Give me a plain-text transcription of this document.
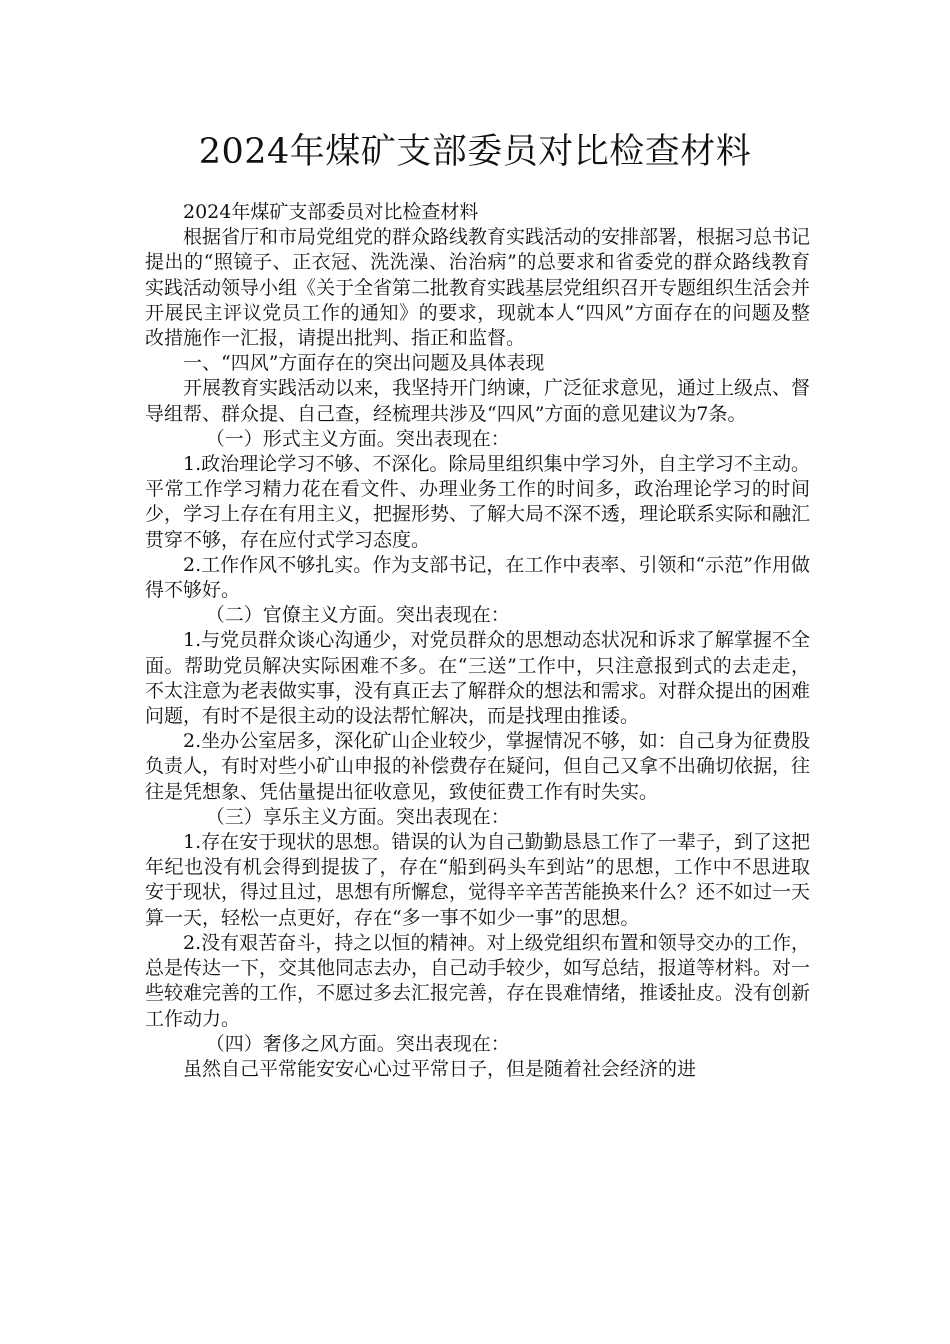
2024年煤矿支部委员对比检查材料

2024年煤矿支部委员对比检查材料

根据省厅和市局党组党的群众路线教育实践活动的安排部署，根据习总书记提出的“照镜子、正衣冠、洗洗澡、治治病”的总要求和省委党的群众路线教育实践活动领导小组《关于全省第二批教育实践基层党组织召开专题组织生活会并开展民主评议党员工作的通知》的要求，现就本人“四风”方面存在的问题及整改措施作一汇报，请提出批判、指正和监督。

一、“四风”方面存在的突出问题及具体表现

开展教育实践活动以来，我坚持开门纳谏，广泛征求意见，通过上级点、督导组帮、群众提、自己查，经梳理共涉及“四风”方面的意见建议为7条。

（一）形式主义方面。突出表现在：

1.政治理论学习不够、不深化。除局里组织集中学习外，自主学习不主动。平常工作学习精力花在看文件、办理业务工作的时间多，政治理论学习的时间少，学习上存在有用主义，把握形势、了解大局不深不透，理论联系实际和融汇贯穿不够，存在应付式学习态度。

2.工作作风不够扎实。作为支部书记，在工作中表率、引领和“示范”作用做得不够好。

（二）官僚主义方面。突出表现在：

1.与党员群众谈心沟通少，对党员群众的思想动态状况和诉求了解掌握不全面。帮助党员解决实际困难不多。在“三送”工作中，只注意报到式的去走走，不太注意为老表做实事，没有真正去了解群众的想法和需求。对群众提出的困难问题，有时不是很主动的设法帮忙解决，而是找理由推诿。

2.坐办公室居多，深化矿山企业较少，掌握情况不够，如：自己身为征费股负责人，有时对些小矿山申报的补偿费存在疑问，但自己又拿不出确切依据，往往是凭想象、凭估量提出征收意见，致使征费工作有时失实。

（三）享乐主义方面。突出表现在：

1.存在安于现状的思想。错误的认为自己勤勤恳恳工作了一辈子，到了这把年纪也没有机会得到提拔了，存在“船到码头车到站”的思想，工作中不思进取安于现状，得过且过，思想有所懈怠，觉得辛辛苦苦能换来什么？还不如过一天算一天，轻松一点更好，存在“多一事不如少一事”的思想。

2.没有艰苦奋斗，持之以恒的精神。对上级党组织布置和领导交办的工作，总是传达一下，交其他同志去办，自己动手较少，如写总结，报道等材料。对一些较难完善的工作，不愿过多去汇报完善，存在畏难情绪，推诿扯皮。没有创新工作动力。

（四）奢侈之风方面。突出表现在：

虽然自己平常能安安心心过平常日子，但是随着社会经济的进
